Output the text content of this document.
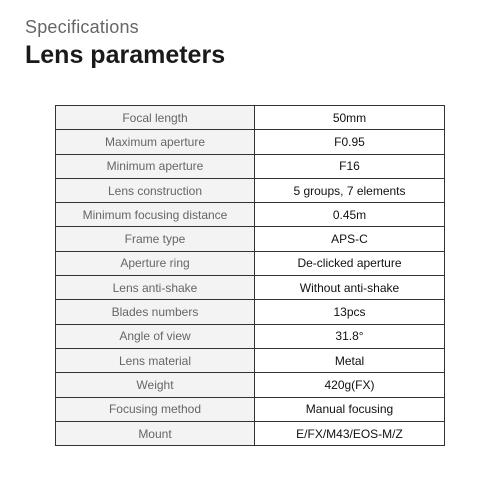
Specifications
Lens parameters
Focal length	50mm
Maximum aperture	F0.95
Minimum aperture	F16
Lens construction	5 groups, 7 elements
Minimum focusing distance	0.45m
Frame type	APS-C
Aperture ring	De-clicked aperture
Lens anti-shake	Without anti-shake
Blades numbers	13pcs
Angle of view	31.8°
Lens material	Metal
Weight	420g(FX)
Focusing method	Manual focusing
Mount	E/FX/M43/EOS-M/Z
